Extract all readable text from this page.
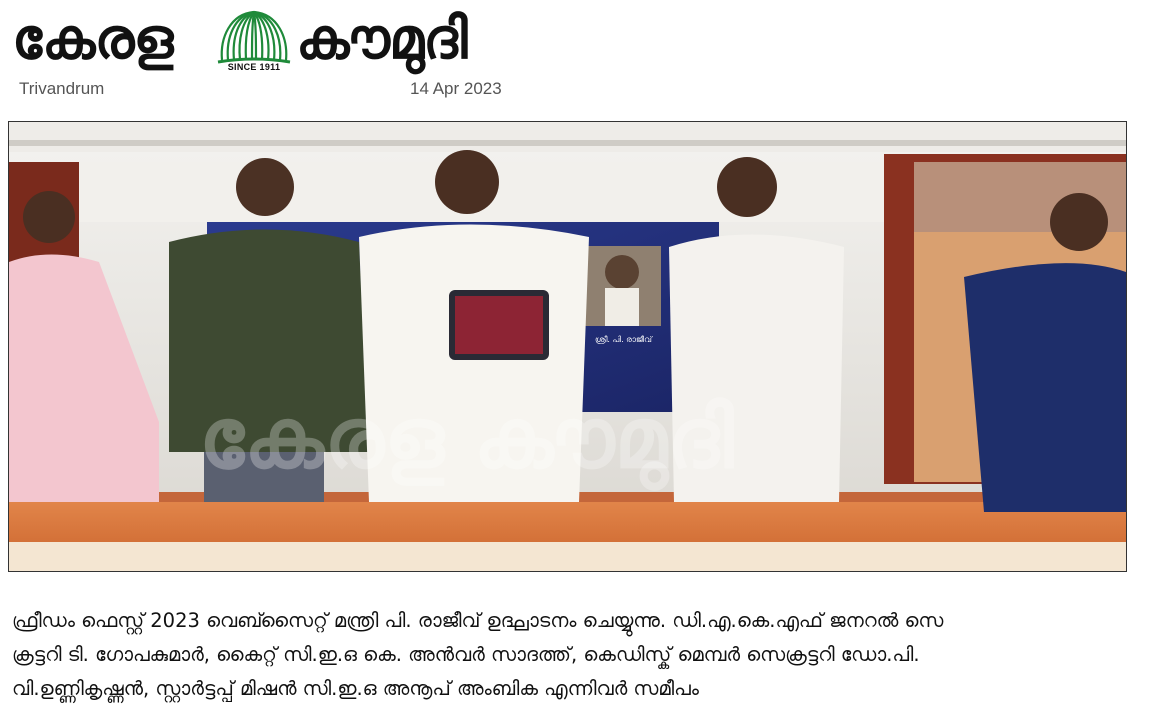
കേരള	SINCE 1911 കൗമുദി
Trivandrum	14 Apr 2023
ശ്രീ. പി. രാജീവ്
കേരള കൗമുദി
ഫ്രീഡം ഫെസ്റ്റ് 2023 വെബ്സൈറ്റ് മന്ത്രി പി. രാജീവ് ഉദ്ഘാടനം ചെയ്യുന്നു. ഡി.എ.കെ.എഫ് ജനറൽ സെ
ക്രട്ടറി ടി. ഗോപകുമാർ, കൈറ്റ് സി.ഇ.ഒ കെ. അൻവർ സാദത്ത്, കെഡിസ്ക് മെമ്പർ സെക്രട്ടറി ഡോ.പി.
വി.ഉണ്ണികൃഷ്ണൻ, സ്റ്റാർട്ടപ്പ് മിഷൻ സി.ഇ.ഒ അനൂപ് അംബിക എന്നിവർ സമീപം
